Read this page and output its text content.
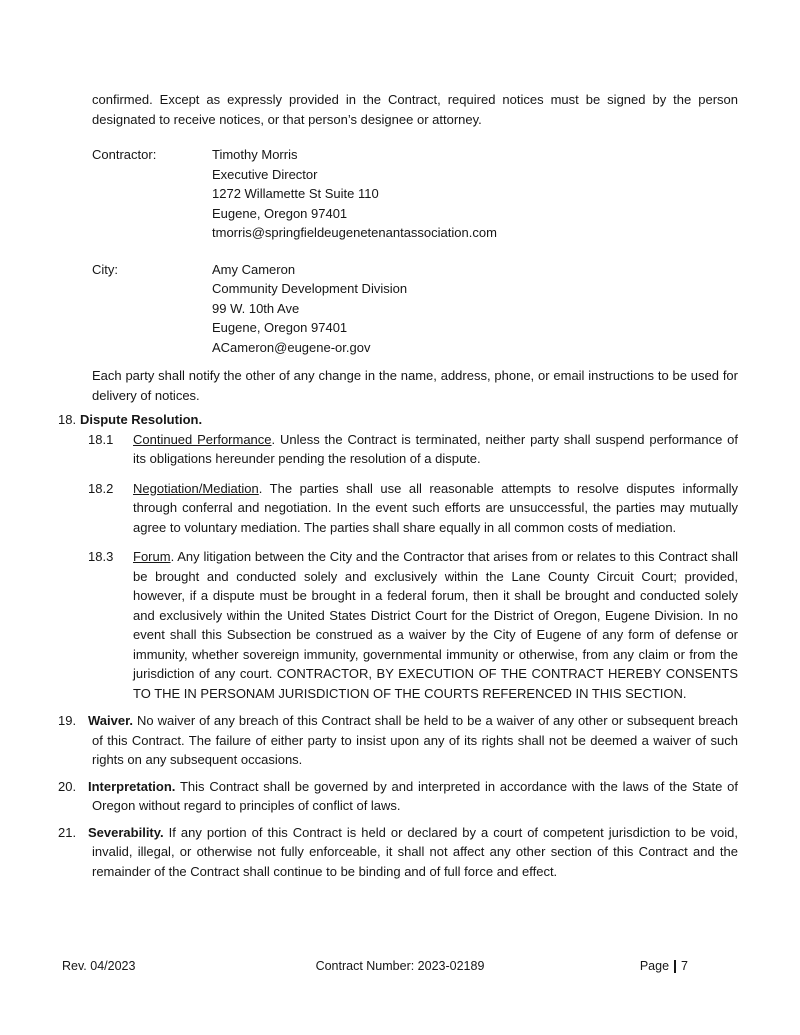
confirmed. Except as expressly provided in the Contract, required notices must be signed by the person designated to receive notices, or that person’s designee or attorney.

Contractor:	Timothy Morris
Executive Director
1272 Willamette St Suite 110
Eugene, Oregon 97401
tmorris@springfieldeugenetenantassociation.com
City:	Amy Cameron
Community Development Division
99 W. 10th Ave
Eugene, Oregon 97401
ACameron@eugene-or.gov

Each party shall notify the other of any change in the name, address, phone, or email instructions to be used for delivery of notices.

18. Dispute Resolution.

18.1 Continued Performance. Unless the Contract is terminated, neither party shall suspend performance of its obligations hereunder pending the resolution of a dispute.

18.2 Negotiation/Mediation. The parties shall use all reasonable attempts to resolve disputes informally through conferral and negotiation. In the event such efforts are unsuccessful, the parties may mutually agree to voluntary mediation. The parties shall share equally in all common costs of mediation.

18.3 Forum. Any litigation between the City and the Contractor that arises from or relates to this Contract shall be brought and conducted solely and exclusively within the Lane County Circuit Court; provided, however, if a dispute must be brought in a federal forum, then it shall be brought and conducted solely and exclusively within the United States District Court for the District of Oregon, Eugene Division. In no event shall this Subsection be construed as a waiver by the City of Eugene of any form of defense or immunity, whether sovereign immunity, governmental immunity or otherwise, from any claim or from the jurisdiction of any court. CONTRACTOR, BY EXECUTION OF THE CONTRACT HEREBY CONSENTS TO THE IN PERSONAM JURISDICTION OF THE COURTS REFERENCED IN THIS SECTION.

19. Waiver. No waiver of any breach of this Contract shall be held to be a waiver of any other or subsequent breach of this Contract. The failure of either party to insist upon any of its rights shall not be deemed a waiver of such rights on any subsequent occasions.

20. Interpretation. This Contract shall be governed by and interpreted in accordance with the laws of the State of Oregon without regard to principles of conflict of laws.

21. Severability. If any portion of this Contract is held or declared by a court of competent jurisdiction to be void, invalid, illegal, or otherwise not fully enforceable, it shall not affect any other section of this Contract and the remainder of the Contract shall continue to be binding and of full force and effect.

Rev. 04/2023	Contract Number: 2023-02189	Page 7
